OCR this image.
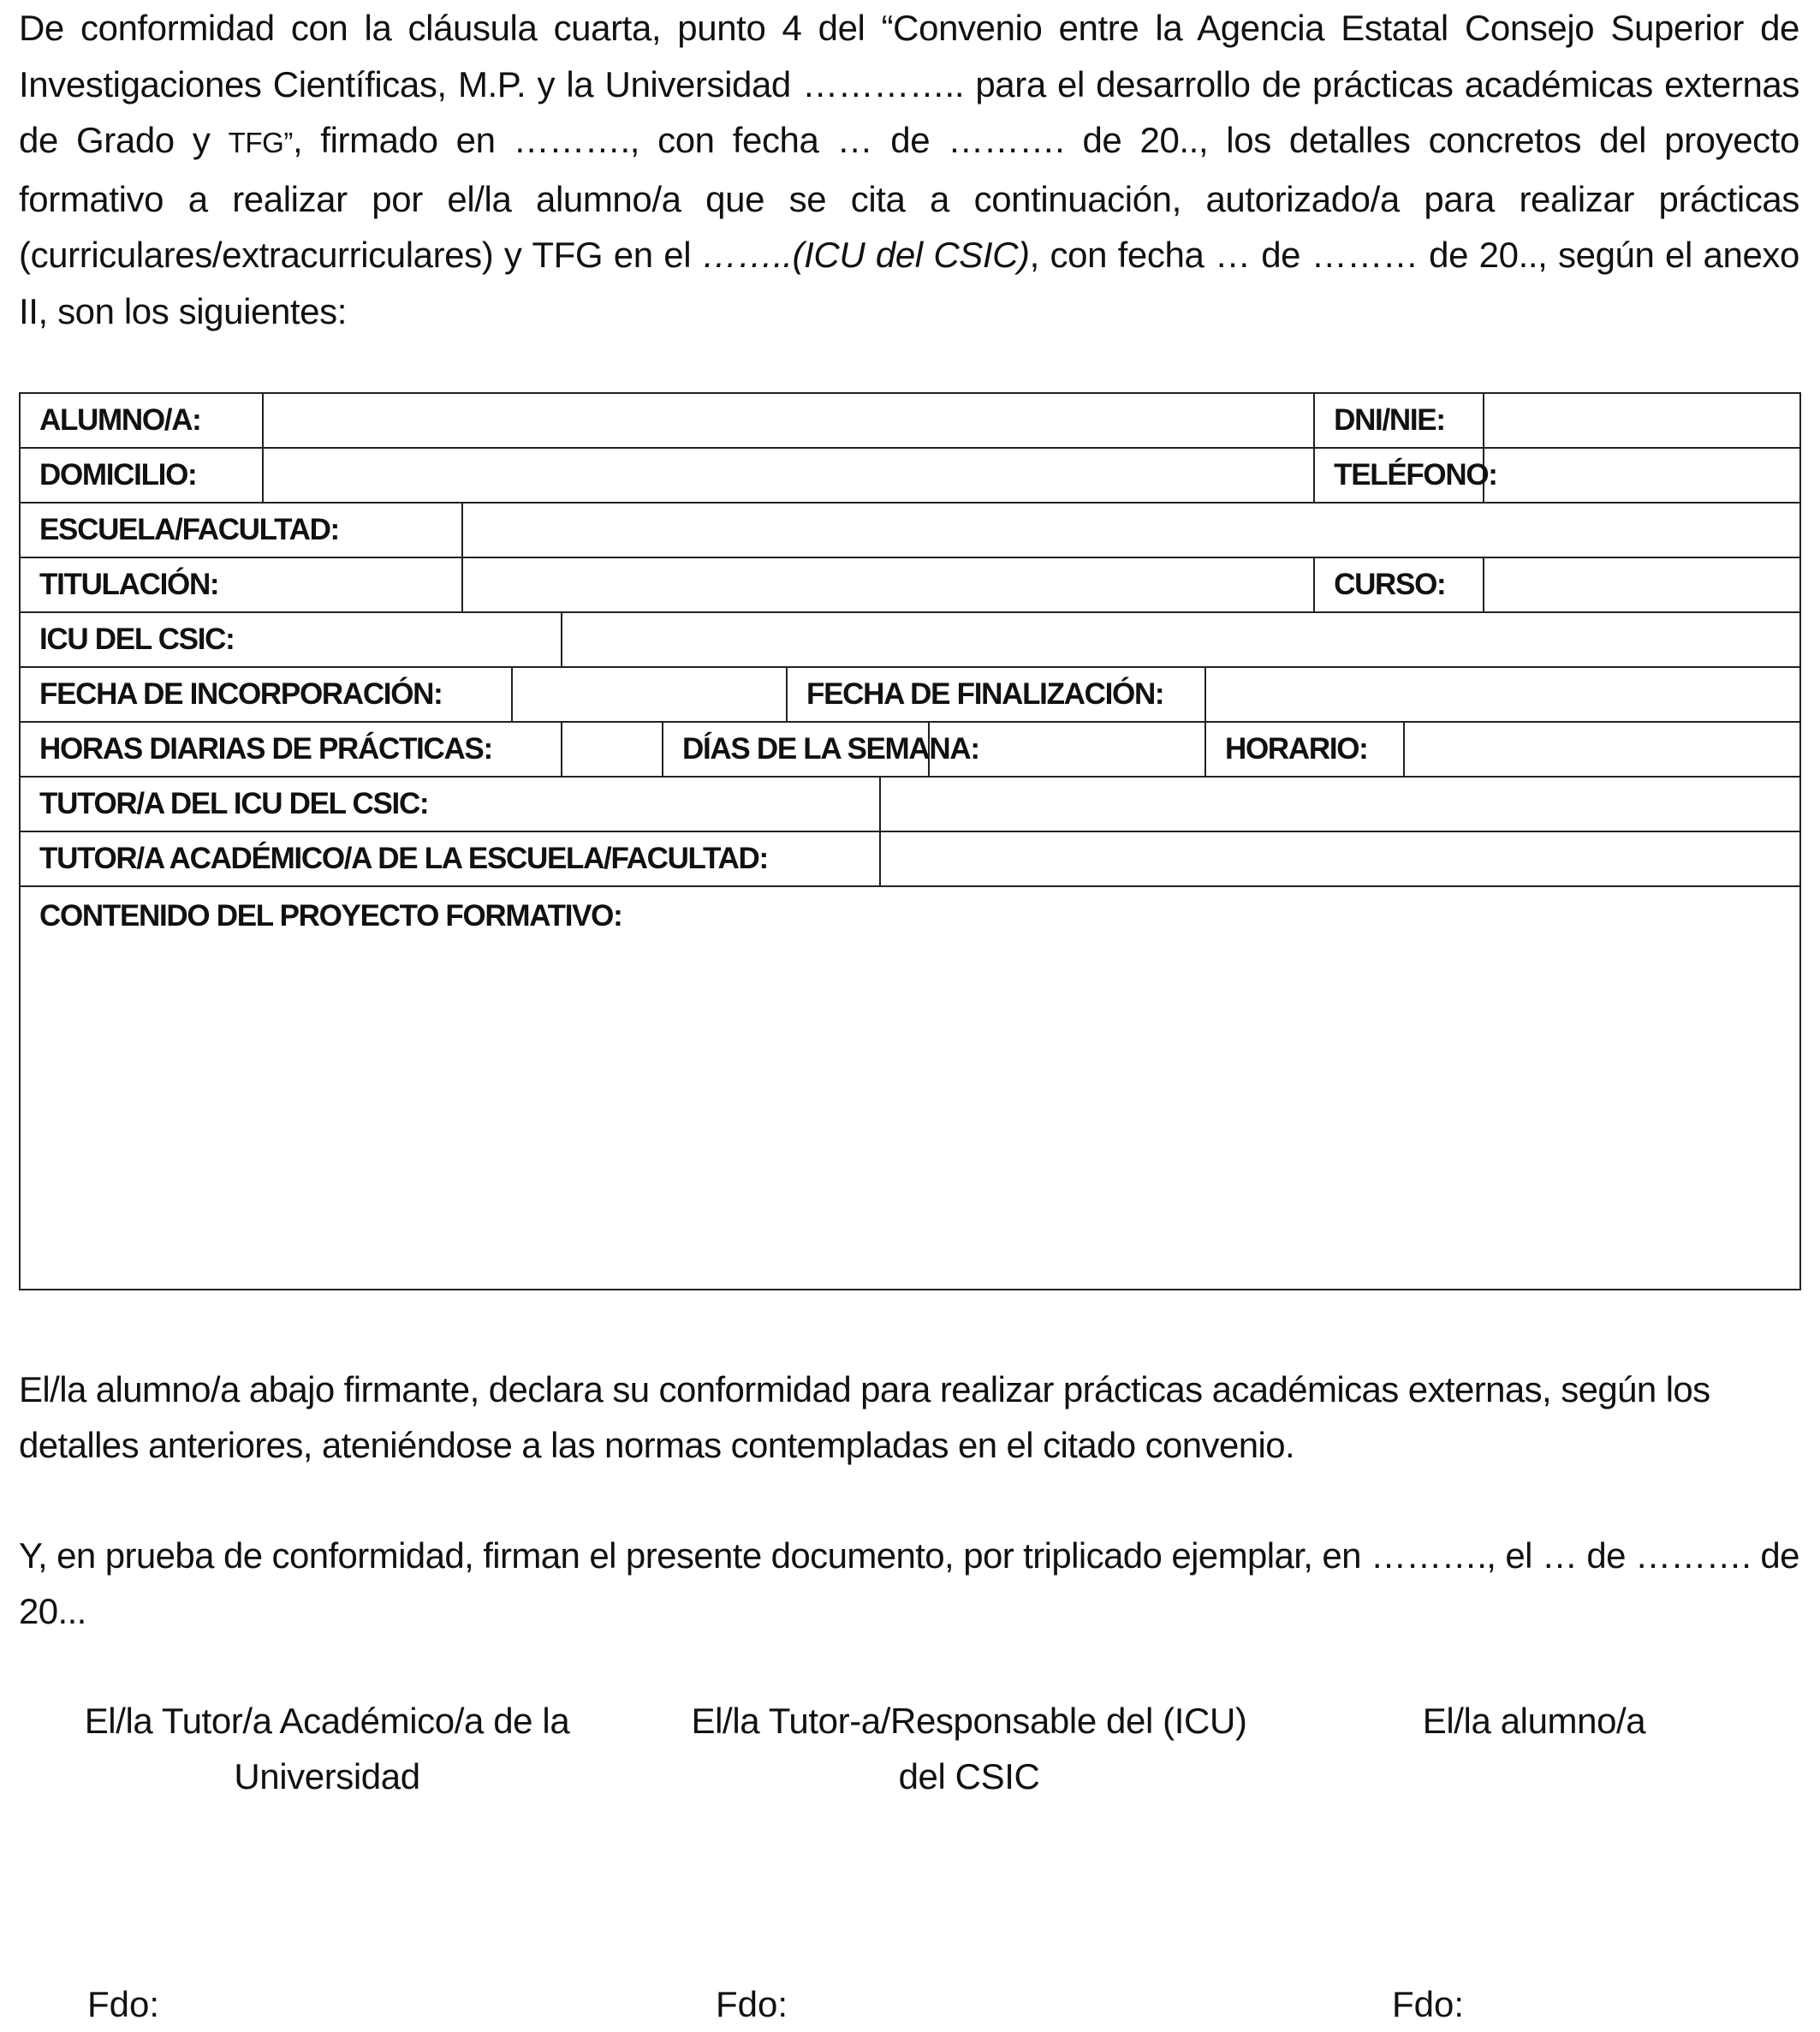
De conformidad con la cláusula cuarta, punto 4 del “Convenio entre la Agencia Estatal Consejo Superior de Investigaciones Científicas, M.P. y la Universidad ………….. para el desarrollo de prácticas académicas externas de Grado y TFG”, firmado en ………., con fecha … de ………. de 20.., los detalles concretos del proyecto formativo a realizar por el/la alumno/a que se cita a continuación, autorizado/a para realizar prácticas (curriculares/extracurriculares) y TFG en el ……..(ICU del CSIC), con fecha … de ……… de 20.., según el anexo II, son los siguientes:

ALUMNO/A:										DNI/NIE:		
DOMICILIO:										TELÉFONO:		
ESCUELA/FACULTAD:												
TITULACIÓN:										CURSO:		
ICU DEL CSIC:												
FECHA DE INCORPORACIÓN:						FECHA DE FINALIZACIÓN:						
HORAS DIARIAS DE PRÁCTICAS:					DÍAS DE LA SEMANA:				HORARIO:			
TUTOR/A DEL ICU DEL CSIC:												
TUTOR/A ACADÉMICO/A DE LA ESCUELA/FACULTAD:												
CONTENIDO DEL PROYECTO FORMATIVO:												

El/la alumno/a abajo firmante, declara su conformidad para realizar prácticas académicas externas, según los detalles anteriores, ateniéndose a las normas contempladas en el citado convenio.

Y, en prueba de conformidad, firman el presente documento, por triplicado ejemplar, en ………., el … de ………. de 20...

El/la Tutor/a Académico/a de la
Universidad
El/la Tutor-a/Responsable del (ICU)
del CSIC
El/la alumno/a
Fdo:	Fdo:	Fdo:
